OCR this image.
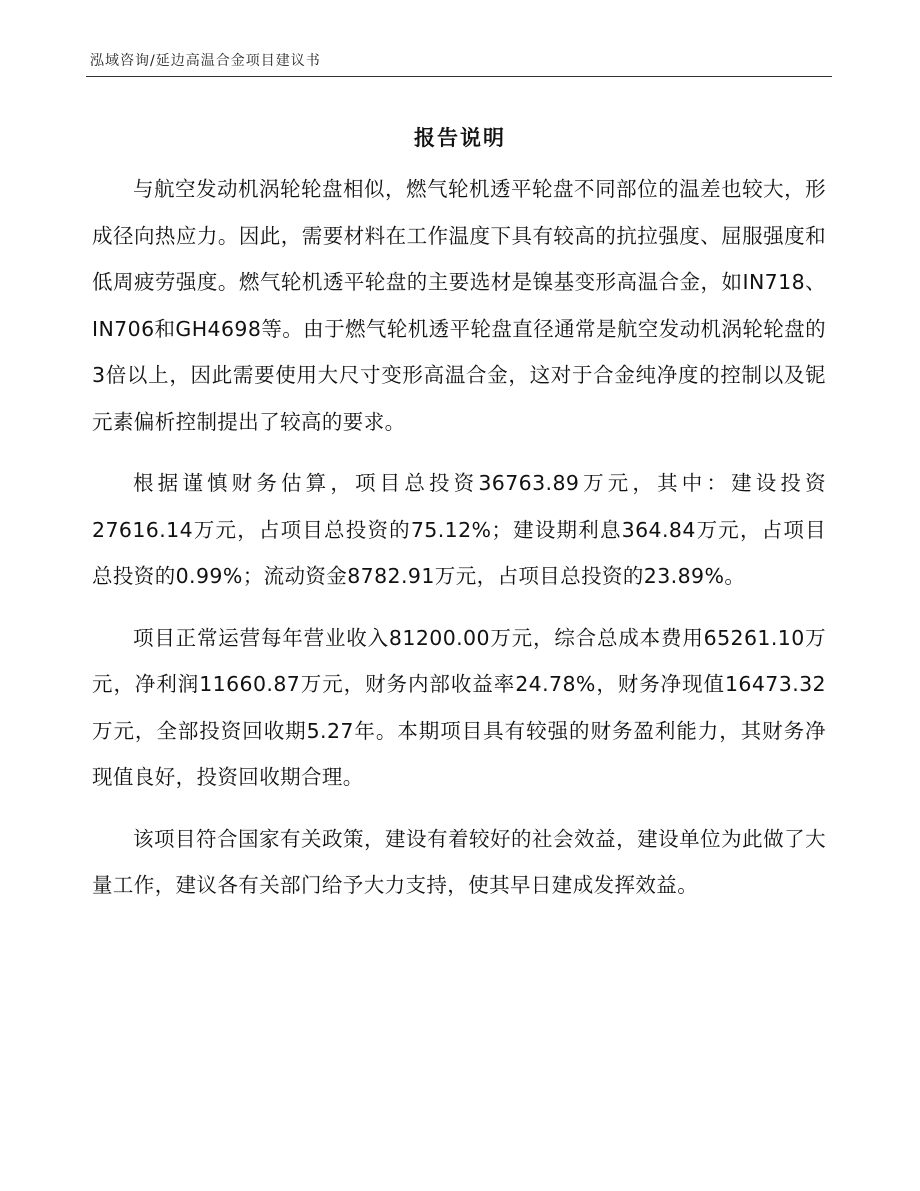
泓域咨询/延边高温合金项目建议书
报告说明

与航空发动机涡轮轮盘相似，燃气轮机透平轮盘不同部位的温差也较大，形成径向热应力。因此，需要材料在工作温度下具有较高的抗拉强度、屈服强度和低周疲劳强度。燃气轮机透平轮盘的主要选材是镍基变形高温合金，如IN718、IN706和GH4698等。由于燃气轮机透平轮盘直径通常是航空发动机涡轮轮盘的3倍以上，因此需要使用大尺寸变形高温合金，这对于合金纯净度的控制以及铌元素偏析控制提出了较高的要求。

根据谨慎财务估算，项目总投资36763.89万元，其中：建设投资27616.14万元，占项目总投资的75.12%；建设期利息364.84万元，占项目总投资的0.99%；流动资金8782.91万元，占项目总投资的23.89%。

项目正常运营每年营业收入81200.00万元，综合总成本费用65261.10万元，净利润11660.87万元，财务内部收益率24.78%，财务净现值16473.32万元，全部投资回收期5.27年。本期项目具有较强的财务盈利能力，其财务净现值良好，投资回收期合理。

该项目符合国家有关政策，建设有着较好的社会效益，建设单位为此做了大量工作，建议各有关部门给予大力支持，使其早日建成发挥效益。
